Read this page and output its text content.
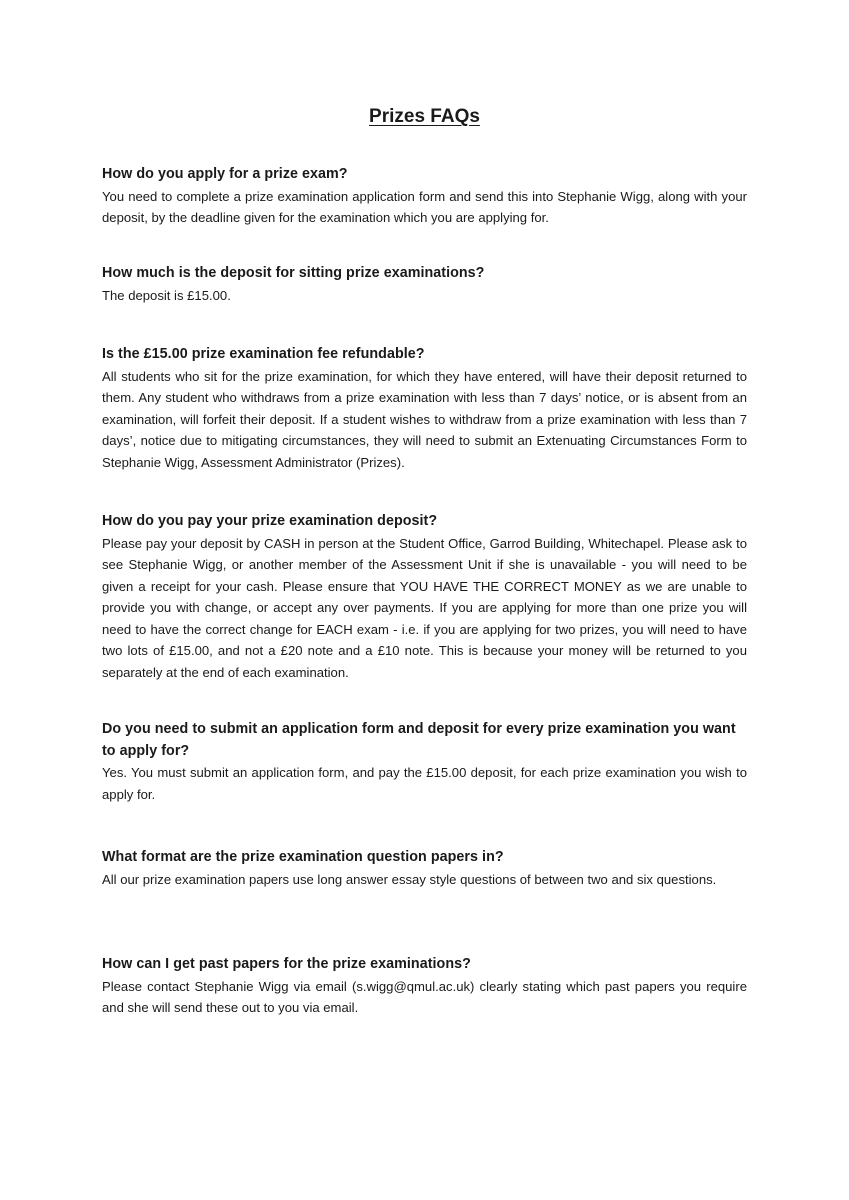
Prizes FAQs

How do you apply for a prize exam?

You need to complete a prize examination application form and send this into Stephanie Wigg, along with your deposit, by the deadline given for the examination which you are applying for.

How much is the deposit for sitting prize examinations?

The deposit is £15.00.

Is the £15.00 prize examination fee refundable?

All students who sit for the prize examination, for which they have entered, will have their deposit returned to them. Any student who withdraws from a prize examination with less than 7 days’ notice, or is absent from an examination, will forfeit their deposit. If a student wishes to withdraw from a prize examination with less than 7 days’, notice due to mitigating circumstances, they will need to submit an Extenuating Circumstances Form to Stephanie Wigg, Assessment Administrator (Prizes).

How do you pay your prize examination deposit?

Please pay your deposit by CASH in person at the Student Office, Garrod Building, Whitechapel. Please ask to see Stephanie Wigg, or another member of the Assessment Unit if she is unavailable - you will need to be given a receipt for your cash. Please ensure that YOU HAVE THE CORRECT MONEY as we are unable to provide you with change, or accept any over payments. If you are applying for more than one prize you will need to have the correct change for EACH exam - i.e. if you are applying for two prizes, you will need to have two lots of £15.00, and not a £20 note and a £10 note. This is because your money will be returned to you separately at the end of each examination.

Do you need to submit an application form and deposit for every prize examination you want to apply for?

Yes. You must submit an application form, and pay the £15.00 deposit, for each prize examination you wish to apply for.

What format are the prize examination question papers in?

All our prize examination papers use long answer essay style questions of between two and six questions.

How can I get past papers for the prize examinations?

Please contact Stephanie Wigg via email (s.wigg@qmul.ac.uk) clearly stating which past papers you require and she will send these out to you via email.
